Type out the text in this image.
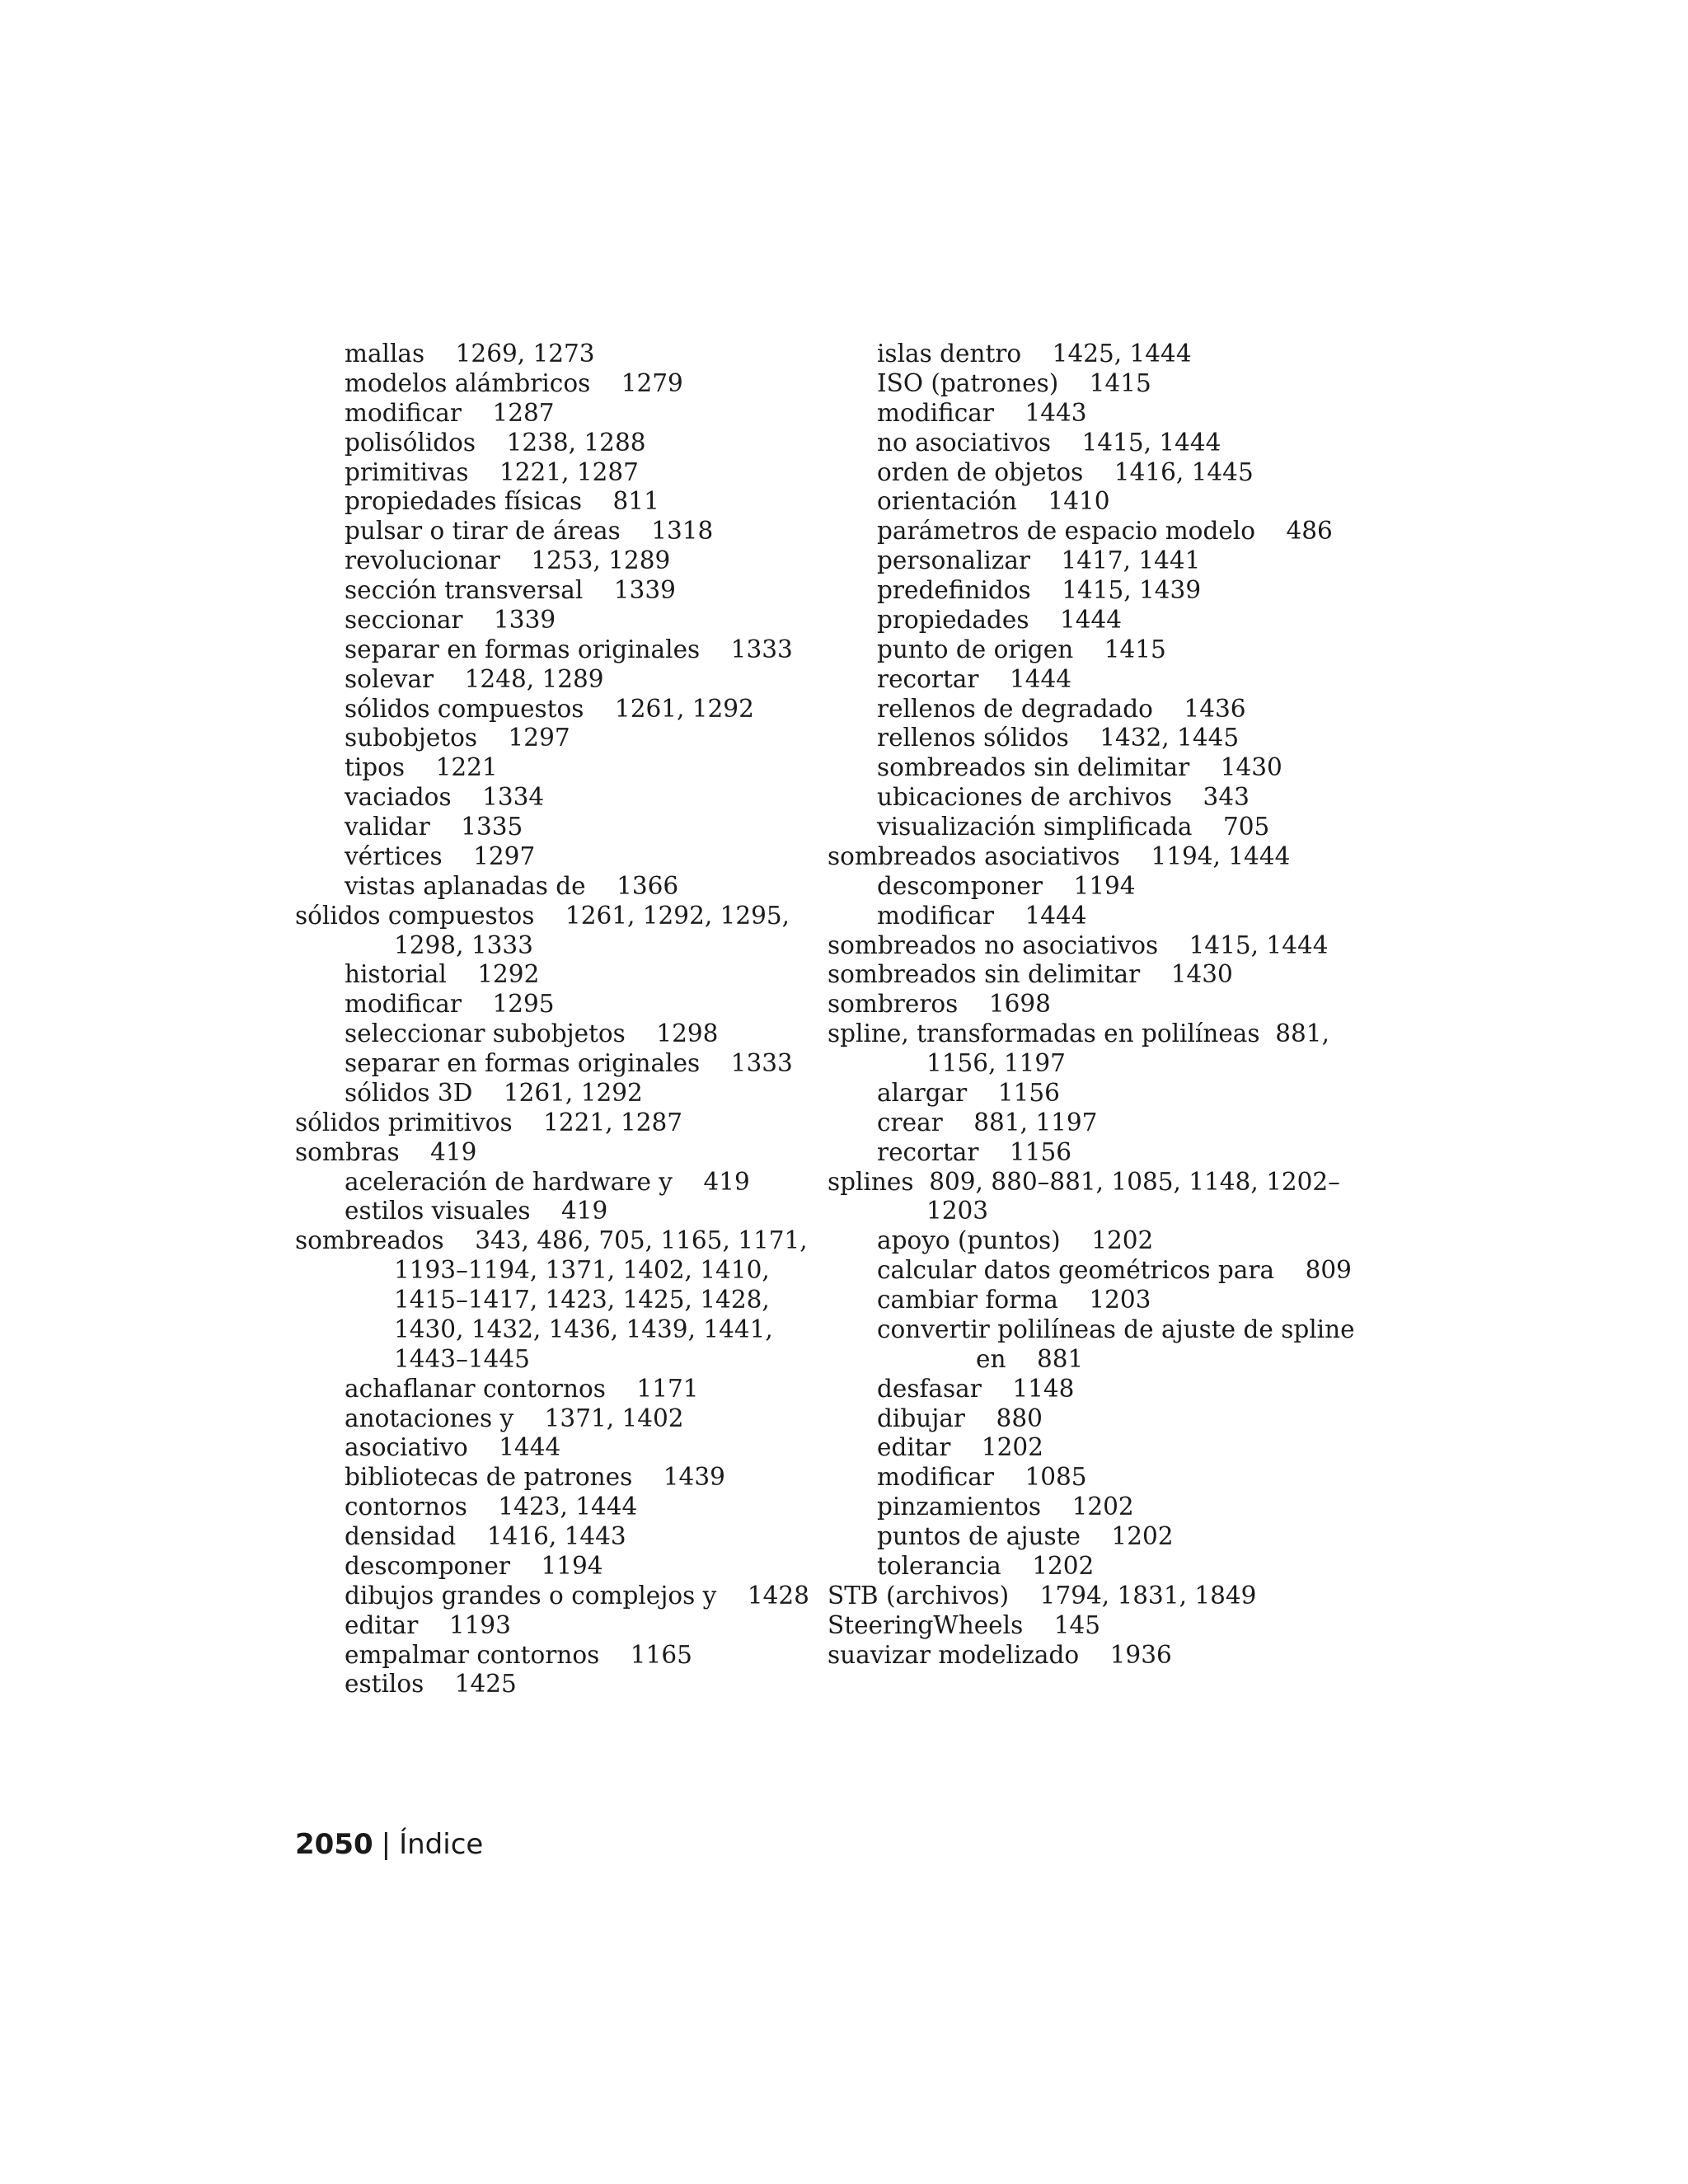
mallas    1269, 1273
modelos alámbricos    1279
modificar    1287
polisólidos    1238, 1288
primitivas    1221, 1287
propiedades físicas    811
pulsar o tirar de áreas    1318
revolucionar    1253, 1289
sección transversal    1339
seccionar    1339
separar en formas originales    1333
solevar    1248, 1289
sólidos compuestos    1261, 1292
subobjetos    1297
tipos    1221
vaciados    1334
validar    1335
vértices    1297
vistas aplanadas de    1366
sólidos compuestos    1261, 1292, 1295,
1298, 1333
historial    1292
modificar    1295
seleccionar subobjetos    1298
separar en formas originales    1333
sólidos 3D    1261, 1292
sólidos primitivos    1221, 1287
sombras    419
aceleración de hardware y    419
estilos visuales    419
sombreados    343, 486, 705, 1165, 1171,
1193–1194, 1371, 1402, 1410,
1415–1417, 1423, 1425, 1428,
1430, 1432, 1436, 1439, 1441,
1443–1445
achaflanar contornos    1171
anotaciones y    1371, 1402
asociativo    1444
bibliotecas de patrones    1439
contornos    1423, 1444
densidad    1416, 1443
descomponer    1194
dibujos grandes o complejos y    1428
editar    1193
empalmar contornos    1165
estilos    1425
islas dentro    1425, 1444
ISO (patrones)    1415
modificar    1443
no asociativos    1415, 1444
orden de objetos    1416, 1445
orientación    1410
parámetros de espacio modelo    486
personalizar    1417, 1441
predefinidos    1415, 1439
propiedades    1444
punto de origen    1415
recortar    1444
rellenos de degradado    1436
rellenos sólidos    1432, 1445
sombreados sin delimitar    1430
ubicaciones de archivos    343
visualización simplificada    705
sombreados asociativos    1194, 1444
descomponer    1194
modificar    1444
sombreados no asociativos    1415, 1444
sombreados sin delimitar    1430
sombreros    1698
spline, transformadas en polilíneas  881,
1156, 1197
alargar    1156
crear    881, 1197
recortar    1156
splines  809, 880–881, 1085, 1148, 1202–
1203
apoyo (puntos)    1202
calcular datos geométricos para    809
cambiar forma    1203
convertir polilíneas de ajuste de spline
en    881
desfasar    1148
dibujar    880
editar    1202
modificar    1085
pinzamientos    1202
puntos de ajuste    1202
tolerancia    1202
STB (archivos)    1794, 1831, 1849
SteeringWheels    145
suavizar modelizado    1936
2050 | Índice
